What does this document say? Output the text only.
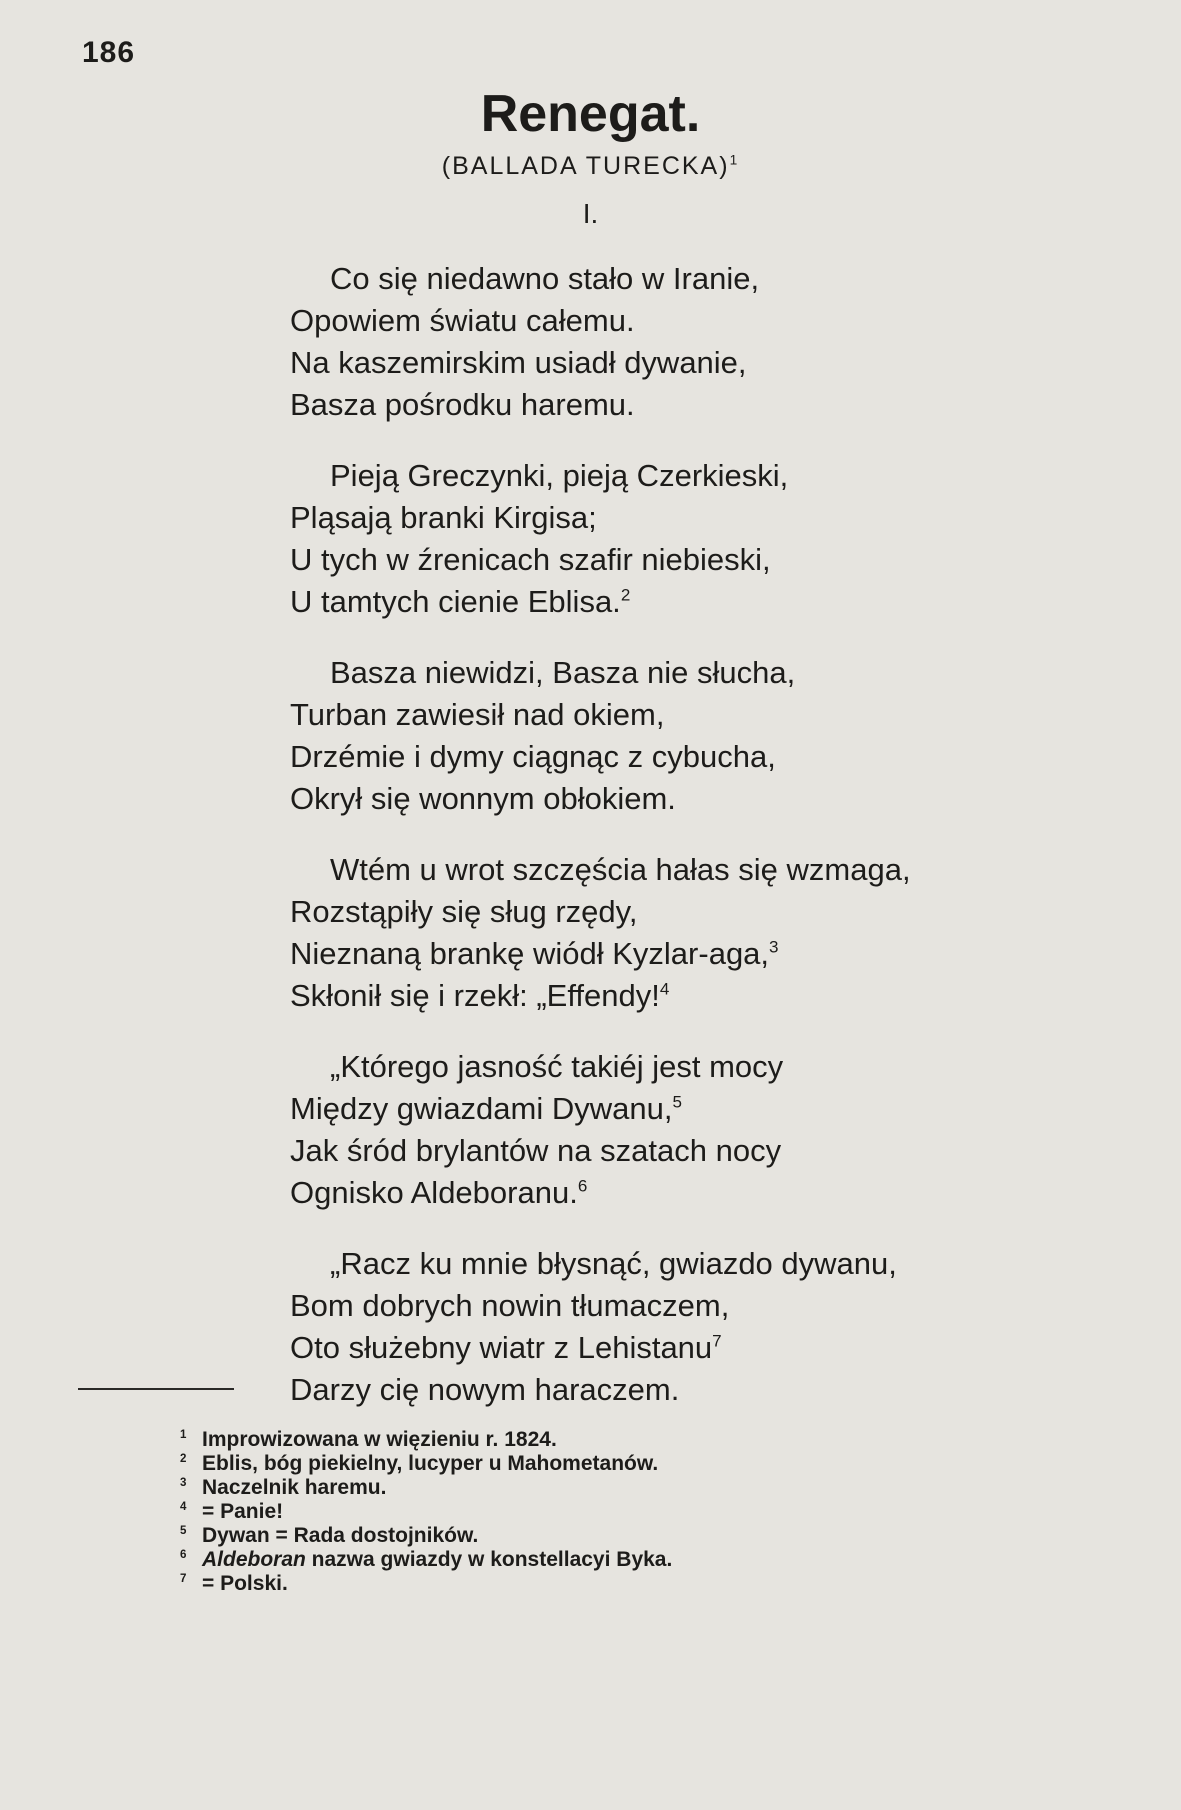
186
Renegat.
(BALLADA TURECKA)$^1$
I.
Co się niedawno stało w Iranie,
Opowiem światu całemu.
Na kaszemirskim usiadł dywanie,
Basza pośrodku haremu.
Pieją Greczynki, pieją Czerkieski,
Pląsają branki Kirgisa;
U tych w źrenicach szafir niebieski,
U tamtych cienie Eblisa.$^2$
Basza niewidzi, Basza nie słucha,
Turban zawiesił nad okiem,
Drzémie i dymy ciągnąc z cybucha,
Okrył się wonnym obłokiem.
Wtém u wrot szczęścia hałas się wzmaga,
Rozstąpiły się sług rzędy,
Nieznaną brankę wiódł Kyzlar-aga,$^3$
Skłonił się i rzekł: „Effendy!$^4$
„Którego jasność takiéj jest mocy
Między gwiazdami Dywanu,$^5$
Jak śród brylantów na szatach nocy
Ognisko Aldeboranu.$^6$
„Racz ku mnie błysnąć, gwiazdo dywanu,
Bom dobrych nowin tłumaczem,
Oto służebny wiatr z Lehistanu$^7$
Darzy cię nowym haraczem.
1 Improwizowana w więzieniu r. 1824.
2 Eblis, bóg piekielny, lucyper u Mahometanów.
3 Naczelnik haremu.
4 = Panie!
5 Dywan = Rada dostojników.
6 Aldeboran nazwa gwiazdy w konstellacyi Byka.
7 = Polski.
